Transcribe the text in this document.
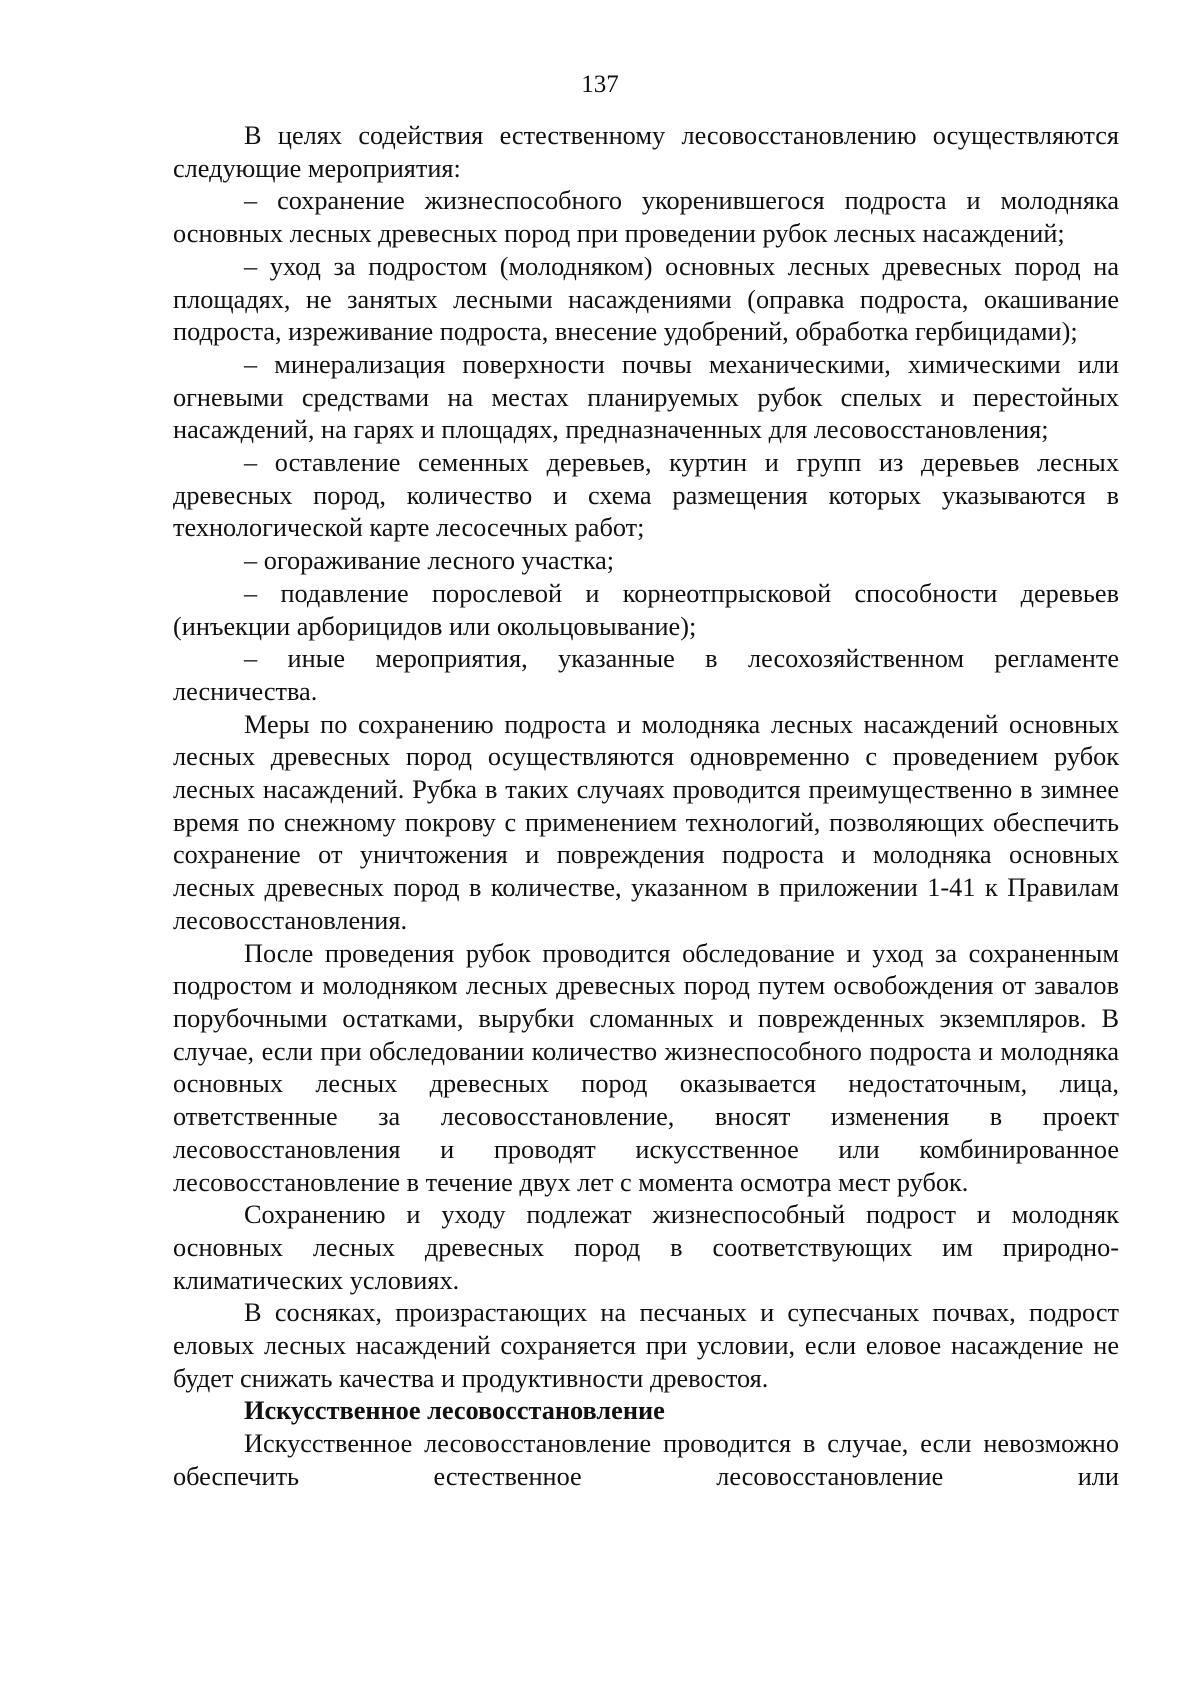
137

В целях содействия естественному лесовосстановлению осуществляются следующие мероприятия:

– сохранение жизнеспособного укоренившегося подроста и молодняка основных лесных древесных пород при проведении рубок лесных насаждений;

– уход за подростом (молодняком) основных лесных древесных пород на площадях, не занятых лесными насаждениями (оправка подроста, окашивание подроста, изреживание подроста, внесение удобрений, обработка гербицидами);

– минерализация поверхности почвы механическими, химическими или огневыми средствами на местах планируемых рубок спелых и перестойных насаждений, на гарях и площадях, предназначенных для лесовосстановления;

– оставление семенных деревьев, куртин и групп из деревьев лесных древесных пород, количество и схема размещения которых указываются в технологической карте лесосечных работ;

– огораживание лесного участка;

– подавление порослевой и корнеотпрысковой способности деревьев (инъекции арборицидов или окольцовывание);

– иные мероприятия, указанные в лесохозяйственном регламенте лесничества.

Меры по сохранению подроста и молодняка лесных насаждений основных лесных древесных пород осуществляются одновременно с проведением рубок лесных насаждений. Рубка в таких случаях проводится преимущественно в зимнее время по снежному покрову с применением технологий, позволяющих обеспечить сохранение от уничтожения и повреждения подроста и молодняка основных лесных древесных пород в количестве, указанном в приложении 1-41 к Правилам лесовосстановления.

После проведения рубок проводится обследование и уход за сохраненным подростом и молодняком лесных древесных пород путем освобождения от завалов порубочными остатками, вырубки сломанных и поврежденных экземпляров. В случае, если при обследовании количество жизнеспособного подроста и молодняка основных лесных древесных пород оказывается недостаточным, лица, ответственные за лесовосстановление, вносят изменения в проект лесовосстановления и проводят искусственное или комбинированное лесовосстановление в течение двух лет с момента осмотра мест рубок.

Сохранению и уходу подлежат жизнеспособный подрост и молодняк основных лесных древесных пород в соответствующих им природно-климатических условиях.

В сосняках, произрастающих на песчаных и супесчаных почвах, подрост еловых лесных насаждений сохраняется при условии, если еловое насаждение не будет снижать качества и продуктивности древостоя.

Искусственное лесовосстановление

Искусственное лесовосстановление проводится в случае, если невозможно обеспечить естественное лесовосстановление или
